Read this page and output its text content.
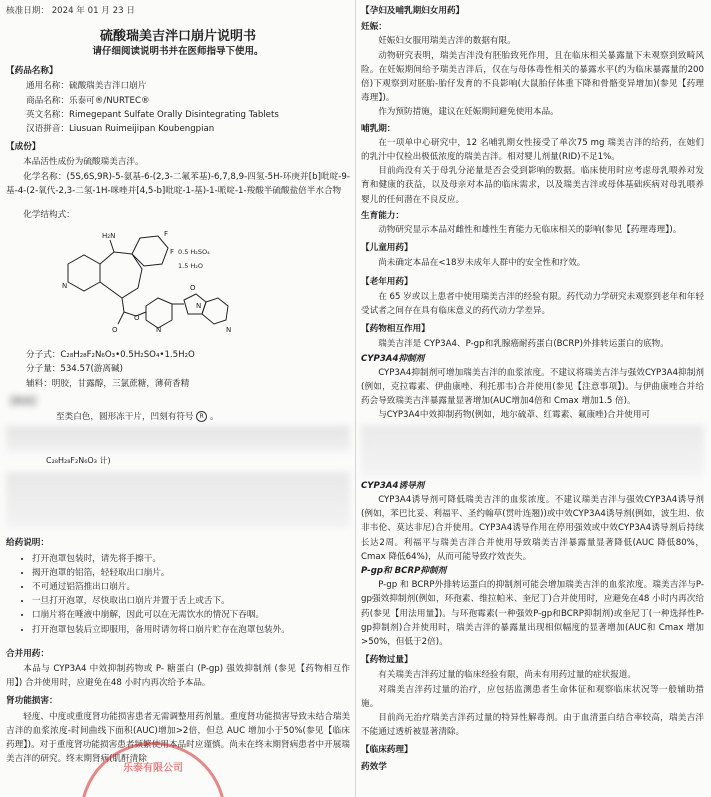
核准日期： 2024 年 01 月 23 日
硫酸瑞美吉泮口崩片说明书
请仔细阅读说明书并在医师指导下使用。
【药品名称】
通用名称：硫酸瑞美吉泮口崩片
商品名称：乐泰可®/NURTEC®
英文名称：Rimegepant Sulfate Orally Disintegrating Tablets
汉语拼音：Liusuan Ruimeijipan Koubengpian
【成份】
本品活性成份为硫酸瑞美吉泮。
化学名称：(5S,6S,9R)-5-氨基-6-(2,3-二氟苯基)-6,7,8,9-四氢-5H-环庚并[b]吡啶-9-基-4-(2-氧代-2,3-二氢-1H-咪唑并[4,5-b]吡啶-1-基)-1-哌啶-1-羧酸半硫酸盐倍半水合物
化学结构式：
H₂N	F
F
N
O
O
N
O
N
N
0.5 H₂SO₄
1.5 H₂O
分子式：C₂₈H₂₈F₂N₆O₃•0.5H₂SO₄•1.5H₂O
分子量：534.57(游离碱)
辅料：明胶，甘露醇，三氯蔗糖，薄荷香精
【性状】
至类白色，圆形冻干片，凹刻有符号 R 。
C₂₈H₂₈F₂N₆O₃ 计)
给药说明：
• 打开泡罩包装时，请先将手擦干。
• 揭开泡罩的铝箔，轻轻取出口崩片。
• 不可通过铝箔推出口崩片。
• 一旦打开泡罩，尽快取出口崩片并置于舌上或舌下。
• 口崩片将在唾液中崩解，因此可以在无需饮水的情况下吞咽。
• 打开泡罩包装后立即服用，备用时请勿将口崩片贮存在泡罩包装外。
合并用药：
本品与 CYP3A4 中效抑制药物或 P- 糖蛋白 (P-gp) 强效抑制剂 (参见【药物相互作用】) 合并使用时，应避免在48 小时内再次给予本品。
肾功能损害：
轻度、中度或重度肾功能损害患者无需调整用药剂量。重度肾功能损害导致未结合瑞美吉泮的血浆浓度-时间曲线下面积(AUC)增加>2倍，但总 AUC 增加小于50%(参见【临床药理】)。对于重度肾功能损害患者频繁使用本品时应谨慎。尚未在终末期肾病患者中开展瑞美吉泮的研究。终末期肾病(肌酐清除
乐泰有限公司
【孕妇及哺乳期妇女用药】
妊娠：
妊娠妇女服用瑞美吉泮的数据有限。
动物研究表明，瑞美吉泮没有胚胎致死作用，且在临床相关暴露量下未观察到致畸风险。在妊娠期间给予瑞美吉泮后，仅在与母体毒性相关的暴露水平(约为临床暴露量的200倍)下观察到对胚胎-胎仔发育的不良影响(大鼠胎仔体重下降和骨骼变异增加)(参见【药理毒理】)。
作为预防措施，建议在妊娠期间避免使用本品。
哺乳期：
在一项单中心研究中，12 名哺乳期女性接受了单次75 mg 瑞美吉泮的给药，在她们的乳汁中仅检出极低浓度的瑞美吉泮。相对婴儿剂量(RID)不足1%。
目前尚没有关于母乳分泌量是否会受到影响的数据。临床使用时应考虑母乳喂养对发育和健康的获益，以及母亲对本品的临床需求，以及瑞美吉泮或母体基础疾病对母乳喂养婴儿的任何潜在不良反应。
生育能力：
动物研究显示本品对雌性和雄性生育能力无临床相关的影响(参见【药理毒理】)。
【儿童用药】
尚未确定本品在<18岁未成年人群中的安全性和疗效。
【老年用药】
在 65 岁或以上患者中使用瑞美吉泮的经验有限。药代动力学研究未观察到老年和年轻受试者之间存在具有临床意义的药代动力学差异。
【药物相互作用】
瑞美吉泮是 CYP3A4、P-gp和乳腺癌耐药蛋白(BCRP)外排转运蛋白的底物。
CYP3A4抑制剂
CYP3A4抑制剂可增加瑞美吉泮的血浆浓度。不建议将瑞美吉泮与强效CYP3A4抑制剂(例如，克拉霉素、伊曲康唑、利托那韦)合并使用(参见【注意事项】)。与伊曲康唑合并给药会导致瑞美吉泮暴露量显著增加(AUC增加4倍和 Cmax 增加1.5 倍)。
与CYP3A4中效抑制药物(例如，地尔硫䓬、红霉素、氟康唑)合并使用可
CYP3A4诱导剂
CYP3A4诱导剂可降低瑞美吉泮的血浆浓度。不建议瑞美吉泮与强效CYP3A4诱导剂(例如，苯巴比妥、利福平、圣约翰草(贯叶连翘))或中效CYP3A4诱导剂(例如，波生坦、依非韦伦、莫达非尼)合并使用。CYP3A4诱导作用在停用强效或中效CYP3A4诱导剂后持续长达2周。利福平与瑞美吉泮合并使用导致瑞美吉泮暴露量显著降低(AUC 降低80%，Cmax 降低64%)，从而可能导致疗效丧失。
P-gp和 BCRP抑制剂
P-gp 和 BCRP外排转运蛋白的抑制剂可能会增加瑞美吉泮的血浆浓度。瑞美吉泮与P-gp强效抑制剂(例如，环孢素、维拉帕米、奎尼丁)合并使用时，应避免在48 小时内再次给药(参见【用法用量】)。与环孢霉素(一种强效P-gp和BCRP抑制剂)或奎尼丁(一种选择性P-gp抑制剂)合并使用时，瑞美吉泮的暴露量出现相似幅度的显著增加(AUC和 Cmax 增加>50%，但低于2倍)。
【药物过量】
有关瑞美吉泮药过量的临床经验有限，尚未有用药过量的症状报道。
对瑞美吉泮药过量的治疗，应包括监测患者生命体征和观察临床状况等一般辅助措施。
目前尚无治疗瑞美吉泮药过量的特异性解毒剂。由于血清蛋白结合率较高，瑞美吉泮不能通过透析被显著清除。
【临床药理】
药效学
